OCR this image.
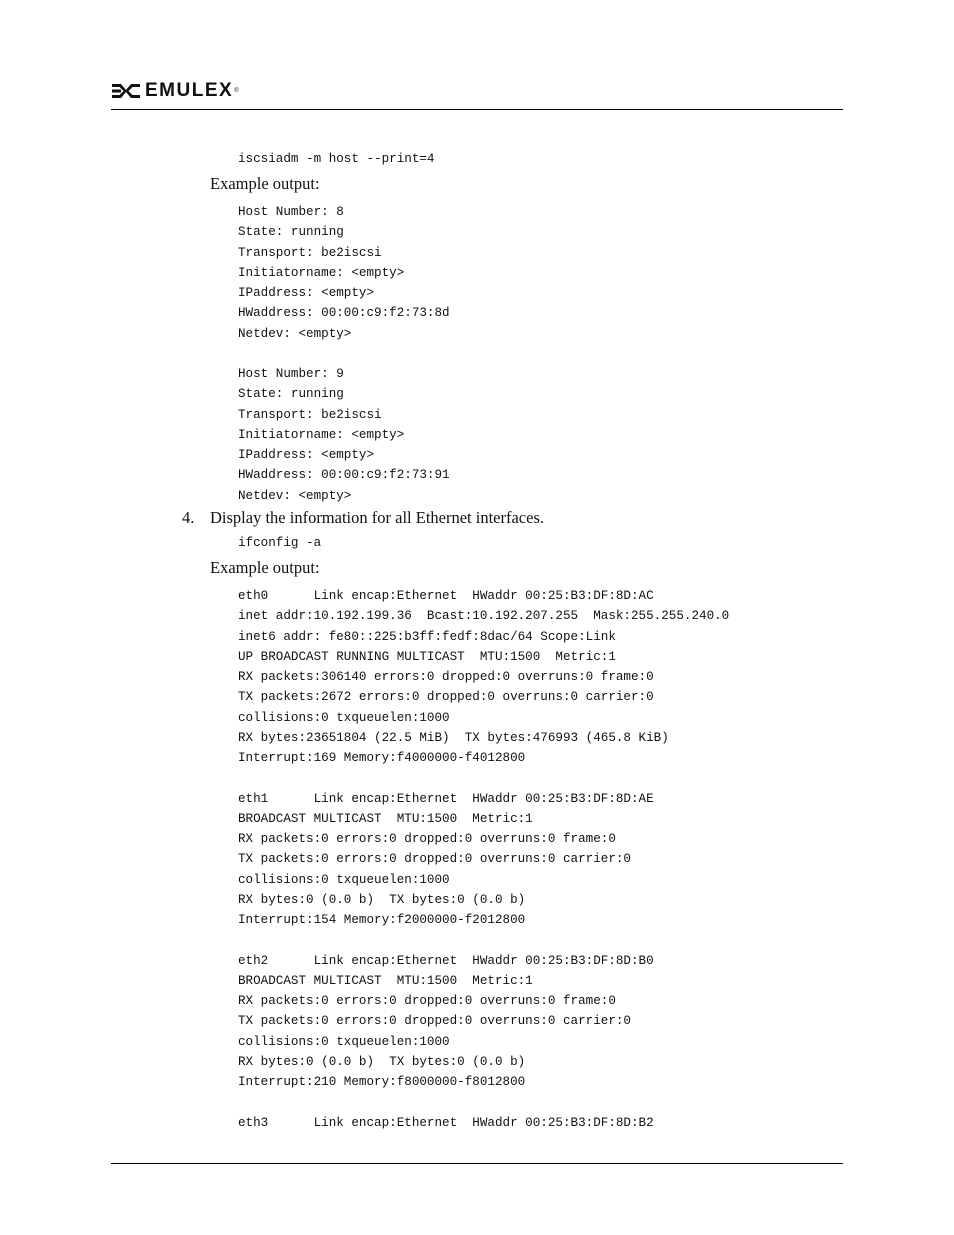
EMULEX ®
iscsiadm -m host --print=4

Example output:

Host Number: 8
State: running
Transport: be2iscsi
Initiatorname: <empty>
IPaddress: <empty>
HWaddress: 00:00:c9:f2:73:8d
Netdev: <empty>

Host Number: 9
State: running
Transport: be2iscsi
Initiatorname: <empty>
IPaddress: <empty>
HWaddress: 00:00:c9:f2:73:91
Netdev: <empty>
4. Display the information for all Ethernet interfaces.

ifconfig -a

Example output:

eth0      Link encap:Ethernet  HWaddr 00:25:B3:DF:8D:AC
inet addr:10.192.199.36  Bcast:10.192.207.255  Mask:255.255.240.0
inet6 addr: fe80::225:b3ff:fedf:8dac/64 Scope:Link
UP BROADCAST RUNNING MULTICAST  MTU:1500  Metric:1
RX packets:306140 errors:0 dropped:0 overruns:0 frame:0
TX packets:2672 errors:0 dropped:0 overruns:0 carrier:0
collisions:0 txqueuelen:1000
RX bytes:23651804 (22.5 MiB)  TX bytes:476993 (465.8 KiB)
Interrupt:169 Memory:f4000000-f4012800

eth1      Link encap:Ethernet  HWaddr 00:25:B3:DF:8D:AE
BROADCAST MULTICAST  MTU:1500  Metric:1
RX packets:0 errors:0 dropped:0 overruns:0 frame:0
TX packets:0 errors:0 dropped:0 overruns:0 carrier:0
collisions:0 txqueuelen:1000
RX bytes:0 (0.0 b)  TX bytes:0 (0.0 b)
Interrupt:154 Memory:f2000000-f2012800

eth2      Link encap:Ethernet  HWaddr 00:25:B3:DF:8D:B0
BROADCAST MULTICAST  MTU:1500  Metric:1
RX packets:0 errors:0 dropped:0 overruns:0 frame:0
TX packets:0 errors:0 dropped:0 overruns:0 carrier:0
collisions:0 txqueuelen:1000
RX bytes:0 (0.0 b)  TX bytes:0 (0.0 b)
Interrupt:210 Memory:f8000000-f8012800

eth3      Link encap:Ethernet  HWaddr 00:25:B3:DF:8D:B2
